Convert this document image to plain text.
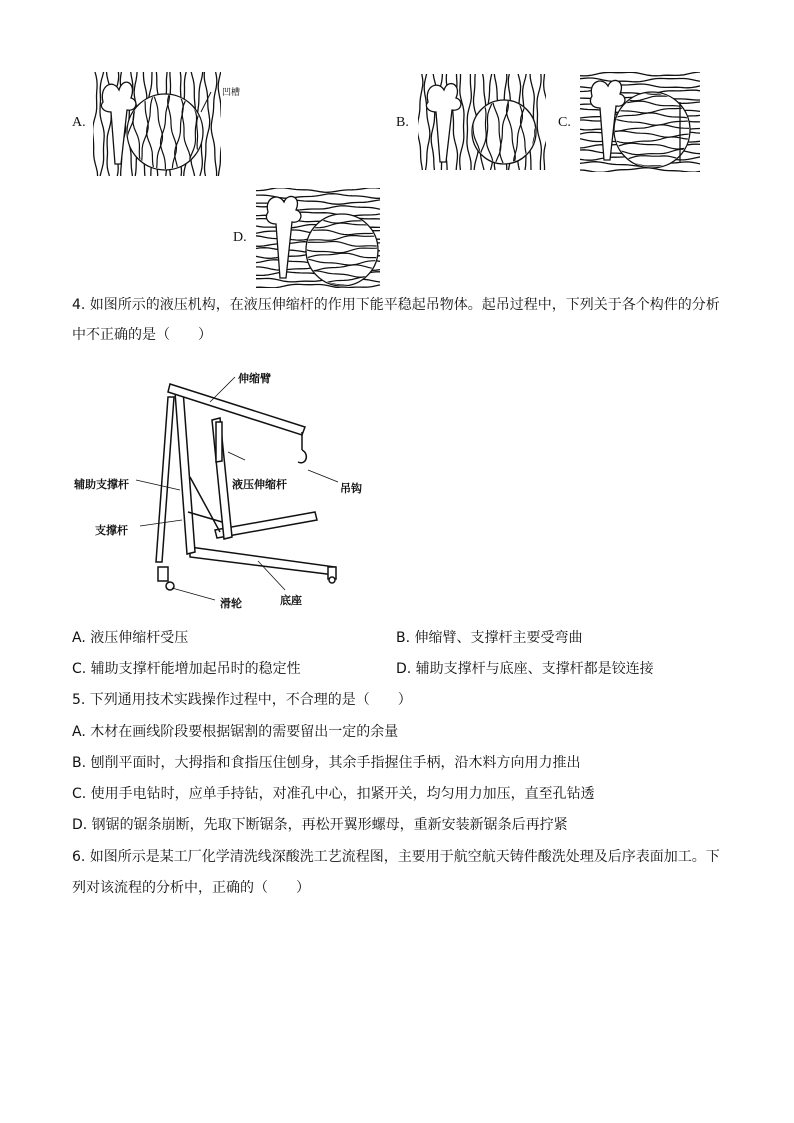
A.
凹槽
B.	C.
D.
4. 如图所示的液压机构，在液压伸缩杆的作用下能平稳起吊物体。起吊过程中，下列关于各个构件的分析
中不正确的是（　　）
伸缩臂
液压伸缩杆	吊钩
辅助支撑杆
支撑杆
滑轮	底座
A. 液压伸缩杆受压	B. 伸缩臂、支撑杆主要受弯曲
C. 辅助支撑杆能增加起吊时的稳定性	D. 辅助支撑杆与底座、支撑杆都是铰连接
5. 下列通用技术实践操作过程中，不合理的是（　　）
A. 木材在画线阶段要根据锯割的需要留出一定的余量
B. 刨削平面时，大拇指和食指压住刨身，其余手指握住手柄，沿木料方向用力推出
C. 使用手电钻时，应单手持钻，对准孔中心，扣紧开关，均匀用力加压，直至孔钻透
D. 钢锯的锯条崩断，先取下断锯条，再松开翼形螺母，重新安装新锯条后再拧紧
6. 如图所示是某工厂化学清洗线深酸洗工艺流程图，主要用于航空航天铸件酸洗处理及后序表面加工。下
列对该流程的分析中，正确的（　　）
